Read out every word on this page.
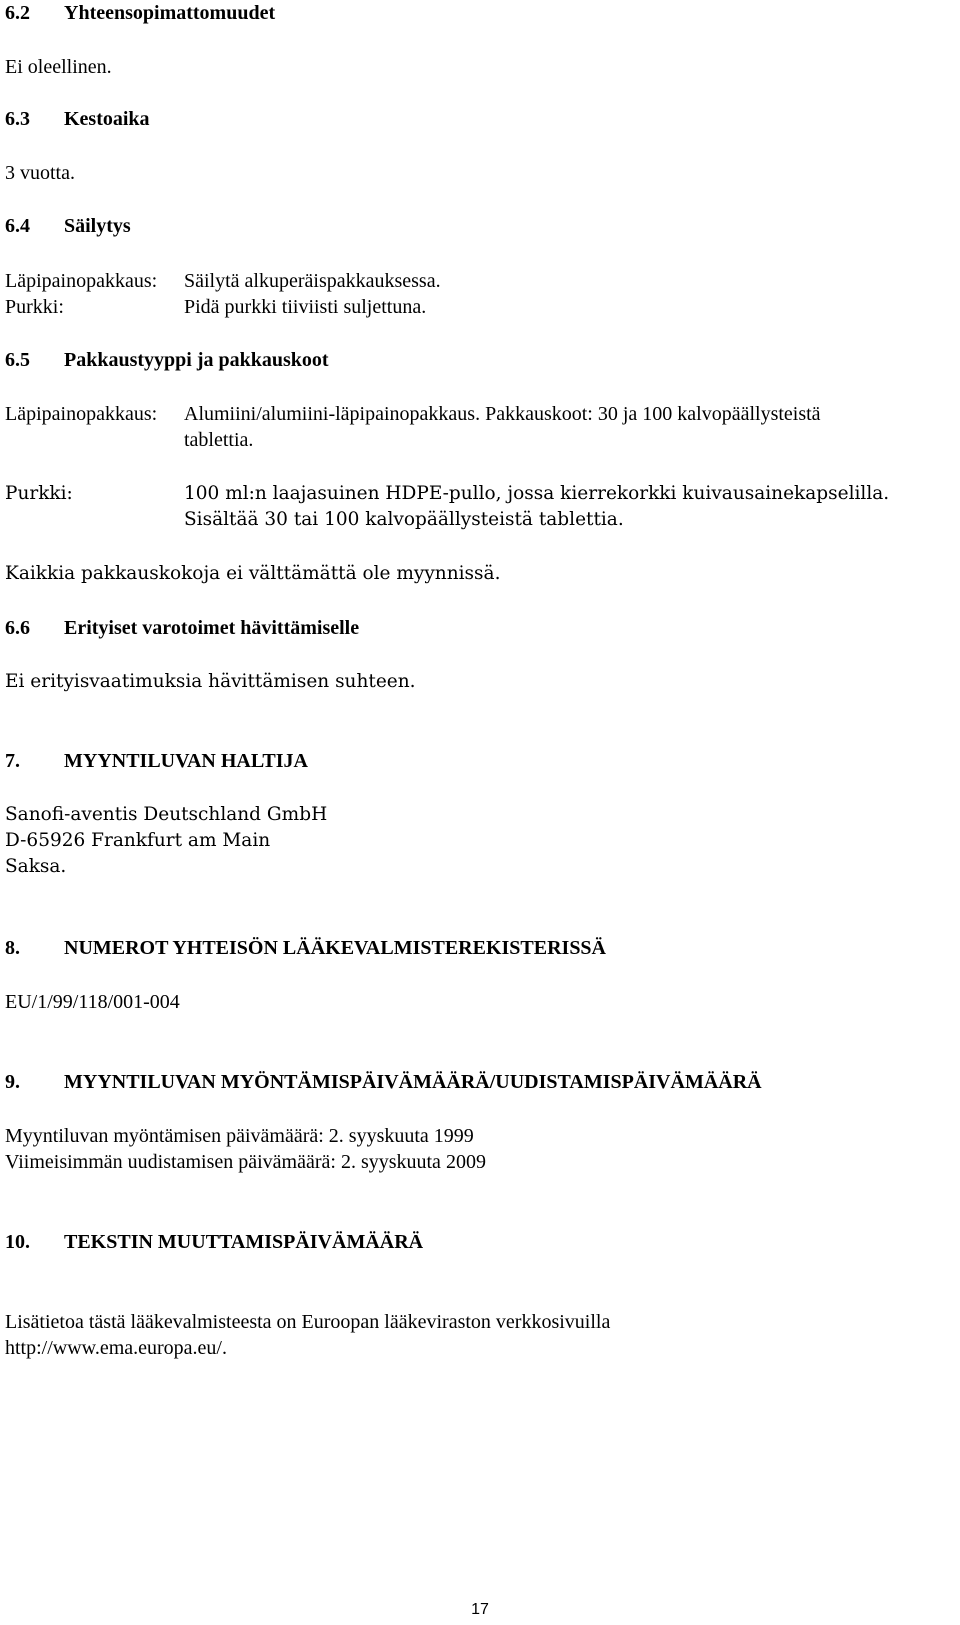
6.2	Yhteensopimattomuudet
Ei oleellinen.
6.3	Kestoaika
3 vuotta.
6.4	Säilytys
Läpipainopakkaus:	Säilytä alkuperäispakkauksessa.
Purkki:	Pidä purkki tiiviisti suljettuna.
6.5	Pakkaustyyppi ja pakkauskoot
Läpipainopakkaus:	Alumiini/alumiini-läpipainopakkaus. Pakkauskoot: 30 ja 100 kalvopäällysteistä
tablettia.
Purkki:	100 ml:n laajasuinen HDPE-pullo, jossa kierrekorkki kuivausainekapselilla.
Sisältää 30 tai 100 kalvopäällysteistä tablettia.
Kaikkia pakkauskokoja ei välttämättä ole myynnissä.
6.6	Erityiset varotoimet hävittämiselle
Ei erityisvaatimuksia hävittämisen suhteen.
7.	MYYNTILUVAN HALTIJA
Sanofi-aventis Deutschland GmbH
D-65926 Frankfurt am Main
Saksa.
8.	NUMEROT YHTEISÖN LÄÄKEVALMISTEREKISTERISSÄ
EU/1/99/118/001-004
9.	MYYNTILUVAN MYÖNTÄMISPÄIVÄMÄÄRÄ/UUDISTAMISPÄIVÄMÄÄRÄ
Myyntiluvan myöntämisen päivämäärä: 2. syyskuuta 1999
Viimeisimmän uudistamisen päivämäärä: 2. syyskuuta 2009
10.	TEKSTIN MUUTTAMISPÄIVÄMÄÄRÄ
Lisätietoa tästä lääkevalmisteesta on Euroopan lääkeviraston verkkosivuilla
http://www.ema.europa.eu/.
17
